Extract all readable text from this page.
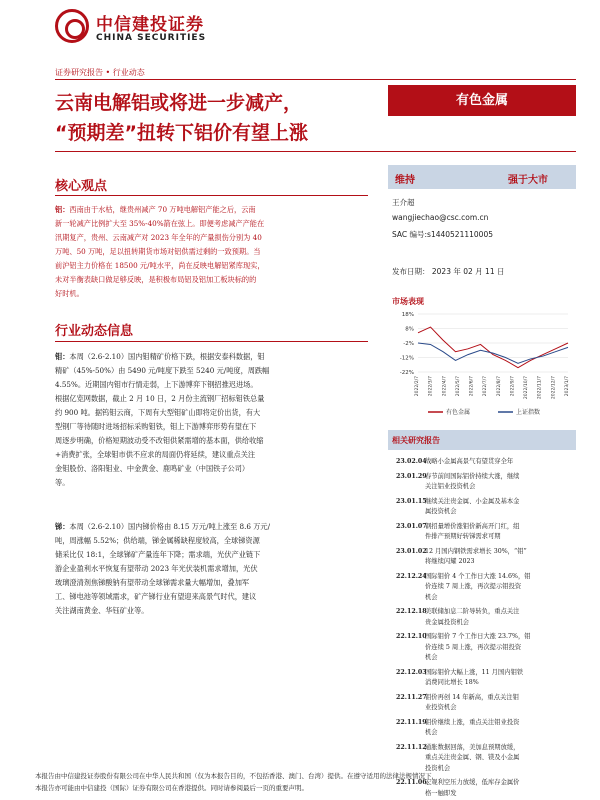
中信建投证券
CHINA SECURITIES
证券研究报告 • 行业动态
云南电解铝或将进一步减产，
“预期差”扭转下铝价有望上涨
有色金属
核心观点
铝：西南由于水枯，继贵州减产 70 万吨电解铝产能之后，云南
新一轮减产比例扩大至 35%-40%箭在弦上。即便考虑减产产能在
汛期复产，贵州、云南减产对 2023 年全年的产量损伤分别为 40
万吨、50 万吨，足以扭转期货市场对铝供需过剩的一致预期。当
前沪铝主力价格在 18500 元/吨水平，尚在反映电解铝紧库现实，
未对半衡表缺口做足够反映，是积极布局铝及铝加工板块标的的
好时机。
行业动态信息
钼：本周（2.6-2.10）国内钼精矿价格下跌，根据安泰科数据，钼
精矿（45%-50%）由 5490 元/吨度下跌至 5240 元/吨度，周跌幅
4.55%。近期国内钼市行情走弱，上下游博弈下钢招推迟进场。
根据亿览网数据，截止 2 月 10 日，2 月份主流钢厂招标钼铁总量
约 900 吨。据钨钼云商，下周有大型钼矿山即将定价出货，有大
型钢厂等待随时进场招标采购钼铁，钼上下游博弈形势有望在下
周逐步明确，价格短期波动受不改钼供紧需增的基本面，供给收缩
+消费扩张，全球钼市供不应求的局面仍将延续，建议重点关注
金钼股份、洛阳钼业、中金黄金、鹿鸣矿业（中国铁子公司）
等。
锑：本周（2.6-2.10）国内锑价格由 8.15 万元/吨上涨至 8.6 万元/
吨，周涨幅 5.52%；供给端，锑金属稀缺程度较高，全球锑资源
储采比仅 18:1，全球锑矿产量连年下降；需求端，光伏产业链下
游企业盈利水平恢复有望带动 2023 年光伏装机需求增加，光伏
玻璃澄清剂焦锑酸钠有望带动全球锑需求量大幅增加，叠加军
工、锑电池等领域需求，矿产锑行业有望迎来高景气时代，建议
关注湖南黄金、华钰矿业等。
维持	强于大市
王介超
wangjiechao@csc.com.cn
SAC 编号:s1440521110005
发布日期： 2023 年 02 月 11 日
市场表现
18%
8%
-2%
-12%
-22%
2022/2/7 2022/3/7 2022/4/7 2022/5/7 2022/6/7 2022/7/7 2022/8/7 2022/9/7 2022/10/7 2022/11/7 2022/12/7 2023/1/7
有色金属	上证指数
相关研究报告
23.02.04
战略小金属高景气有望贯穿全年
23.01.29
春节前间国际铝价持续大涨，继续
关注铝业投资机会
23.01.15
继续关注贵金属、小金属及基本金
属投资机会
23.01.07
钢招量增价涨钼价新高开门红，组
件排产预期好转锑需求可期
23.01.02
12 月国内钢铁需求增长 30%，“钼”
将继续闪耀 2023
22.12.24
国际钼价 4 个工作日大涨 14.6%，钼
价连续 7 周上涨，再次提示钼投资
机会
22.12.18
美联储加息二阶导转负，重点关注
贵金属投资机会
22.12.10
国际钼价 7 个工作日大涨 23.7%，钼
价连续 5 周上涨，再次提示钼投资
机会
22.12.03
国际钼价大幅上涨，11 月国内钼铁
消费同比增长 18%
22.11.27
钼价再创 14 年新高，重点关注钼
业投资机会
22.11.19
钼价继续上涨，重点关注钼业投资
机会
22.11.12
通胀数据回落，美加息预期放缓，
重点关注贵金属、钢、镁及小金属
投资机会
22.11.06
宏观利空压力放缓，低库存金属价
格一触即发
本报告由中信建投证券股份有限公司在中华人民共和国（仅为本报告目的，不包括香港、澳门、台湾）提供。在遵守适用的法律法规情况下，
本报告亦可能由中信建投（国际）证券有限公司在香港提供。同时请参阅最后一页的重要声明。
